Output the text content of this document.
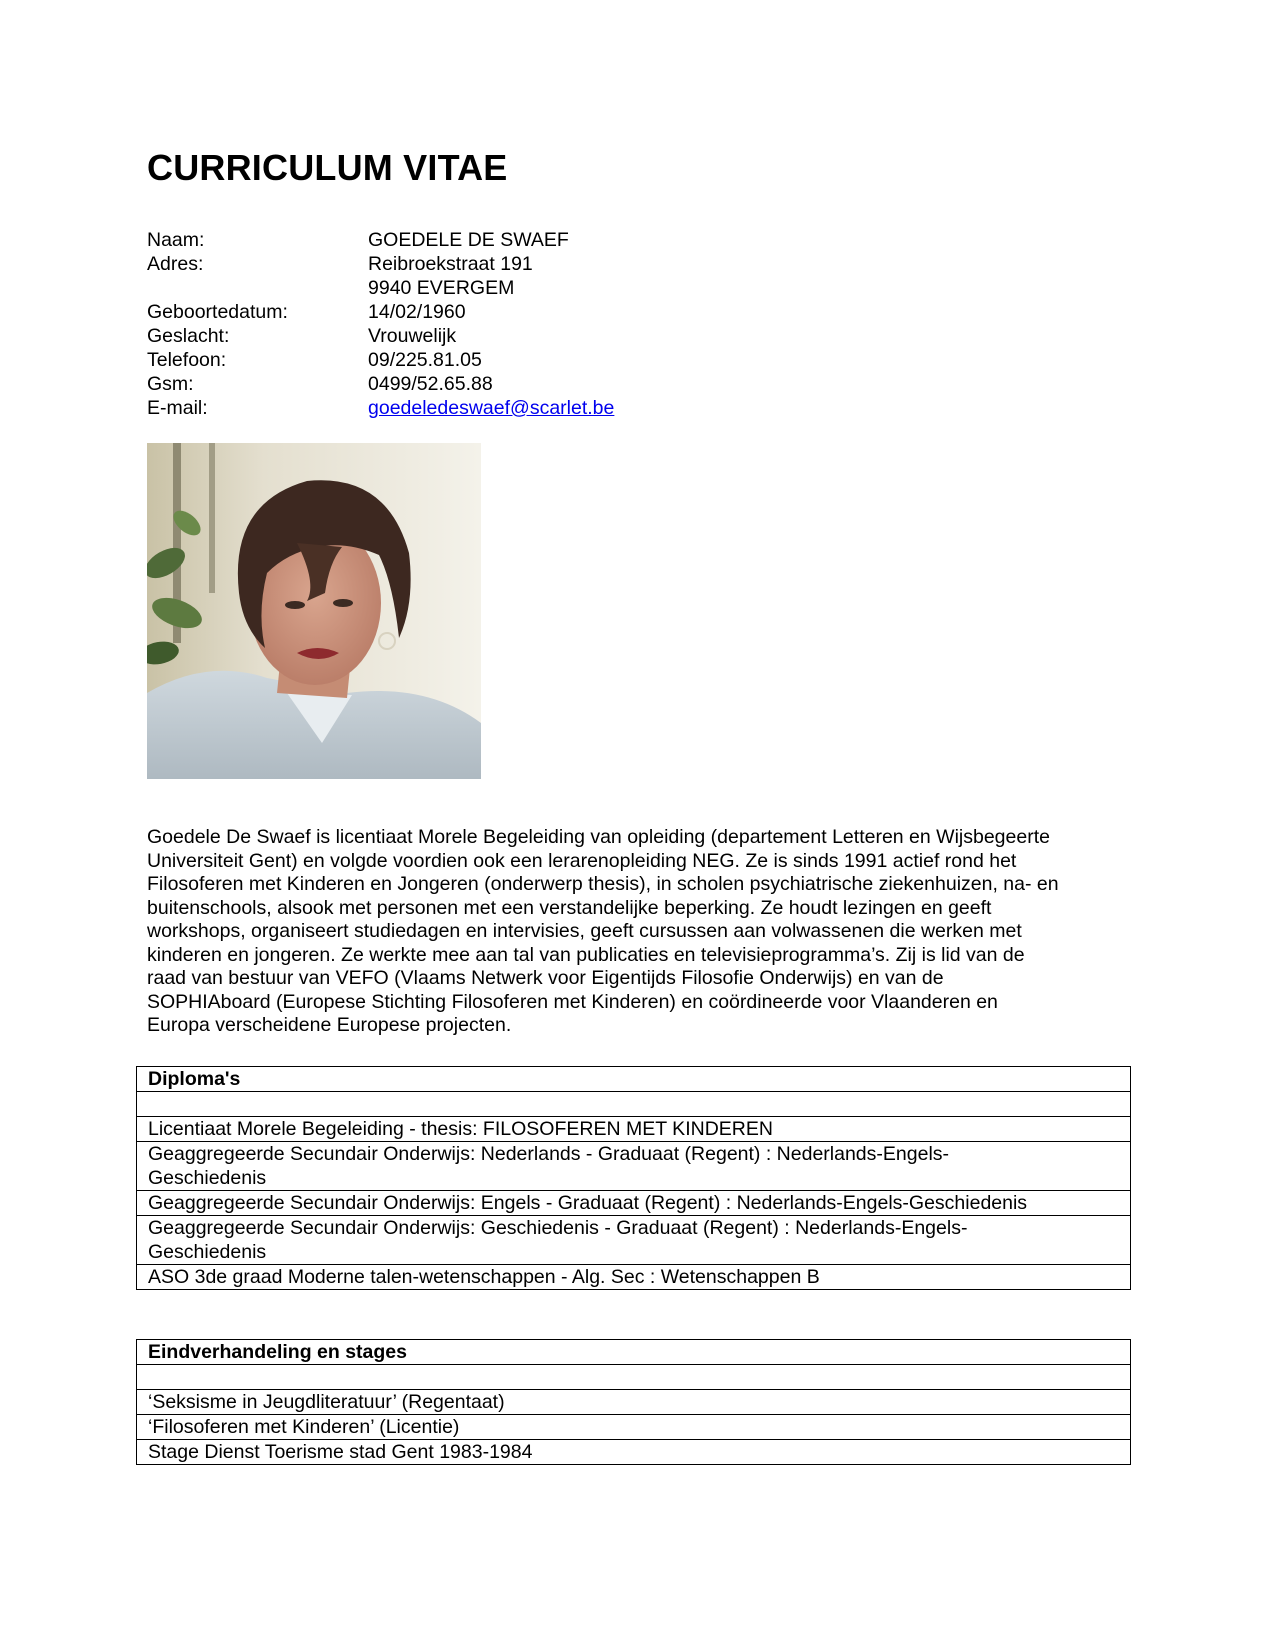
CURRICULUM VITAE
Naam:	GOEDELE DE SWAEF
Adres:	Reibroekstraat 191
9940 EVERGEM
Geboortedatum:	14/02/1960
Geslacht:	Vrouwelijk
Telefoon:	09/225.81.05
Gsm:	0499/52.65.88
E-mail:	goedeledeswaef@scarlet.be
Goedele De Swaef is licentiaat Morele Begeleiding van opleiding (departement Letteren en Wijsbegeerte
Universiteit Gent) en volgde voordien ook een lerarenopleiding NEG. Ze is sinds 1991 actief rond het
Filosoferen met Kinderen en Jongeren (onderwerp thesis), in scholen psychiatrische ziekenhuizen, na- en
buitenschools, alsook met personen met een verstandelijke beperking. Ze houdt lezingen en geeft
workshops, organiseert studiedagen en intervisies, geeft cursussen aan volwassenen die werken met
kinderen en jongeren. Ze werkte mee aan tal van publicaties en televisieprogramma’s. Zij is lid van de
raad van bestuur van VEFO (Vlaams Netwerk voor Eigentijds Filosofie Onderwijs) en van de
SOPHIAboard (Europese Stichting Filosoferen met Kinderen) en coördineerde voor Vlaanderen en
Europa verscheidene Europese projecten.
Diploma's

Licentiaat Morele Begeleiding - thesis: FILOSOFEREN MET KINDEREN

Geaggregeerde Secundair Onderwijs: Nederlands - Graduaat (Regent) : Nederlands-Engels-
Geschiedenis

Geaggregeerde Secundair Onderwijs: Engels - Graduaat (Regent) : Nederlands-Engels-Geschiedenis

Geaggregeerde Secundair Onderwijs: Geschiedenis - Graduaat (Regent) : Nederlands-Engels-
Geschiedenis

ASO 3de graad Moderne talen-wetenschappen - Alg. Sec : Wetenschappen B
Eindverhandeling en stages

‘Seksisme in Jeugdliteratuur’ (Regentaat)
‘Filosoferen met Kinderen’ (Licentie)
Stage Dienst Toerisme stad Gent 1983-1984
